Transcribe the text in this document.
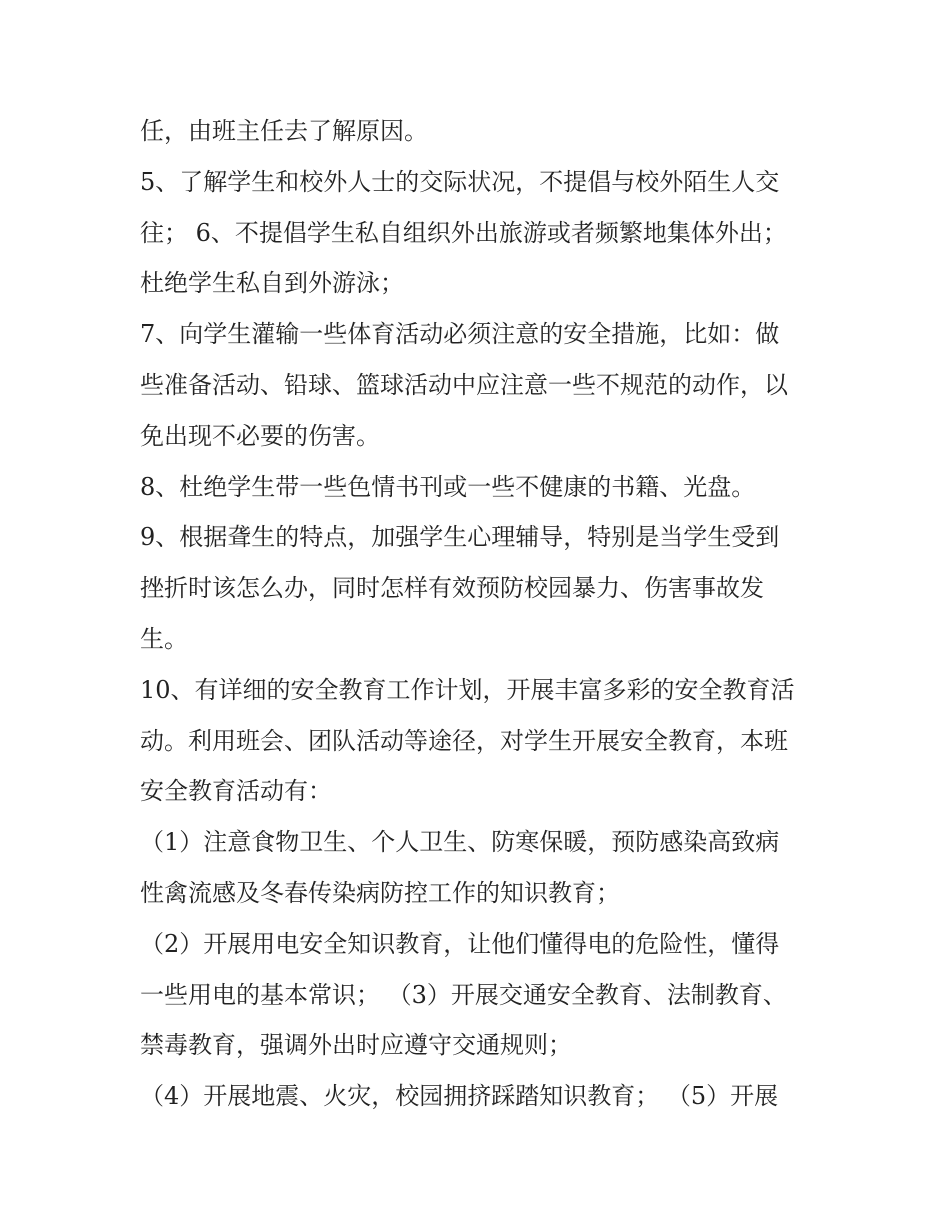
任，由班主任去了解原因。
5、了解学生和校外人士的交际状况，不提倡与校外陌生人交
往； 6、不提倡学生私自组织外出旅游或者频繁地集体外出；
杜绝学生私自到外游泳；
7、向学生灌输一些体育活动必须注意的安全措施，比如：做
些准备活动、铅球、篮球活动中应注意一些不规范的动作，以
免出现不必要的伤害。
8、杜绝学生带一些色情书刊或一些不健康的书籍、光盘。
9、根据聋生的特点，加强学生心理辅导，特别是当学生受到
挫折时该怎么办，同时怎样有效预防校园暴力、伤害事故发
生。
10、有详细的安全教育工作计划，开展丰富多彩的安全教育活
动。利用班会、团队活动等途径，对学生开展安全教育，本班
安全教育活动有：
（1）注意食物卫生、个人卫生、防寒保暖，预防感染高致病
性禽流感及冬春传染病防控工作的知识教育；
（2）开展用电安全知识教育，让他们懂得电的危险性，懂得
一些用电的基本常识； （3）开展交通安全教育、法制教育、
禁毒教育，强调外出时应遵守交通规则；
（4）开展地震、火灾，校园拥挤踩踏知识教育； （5）开展
